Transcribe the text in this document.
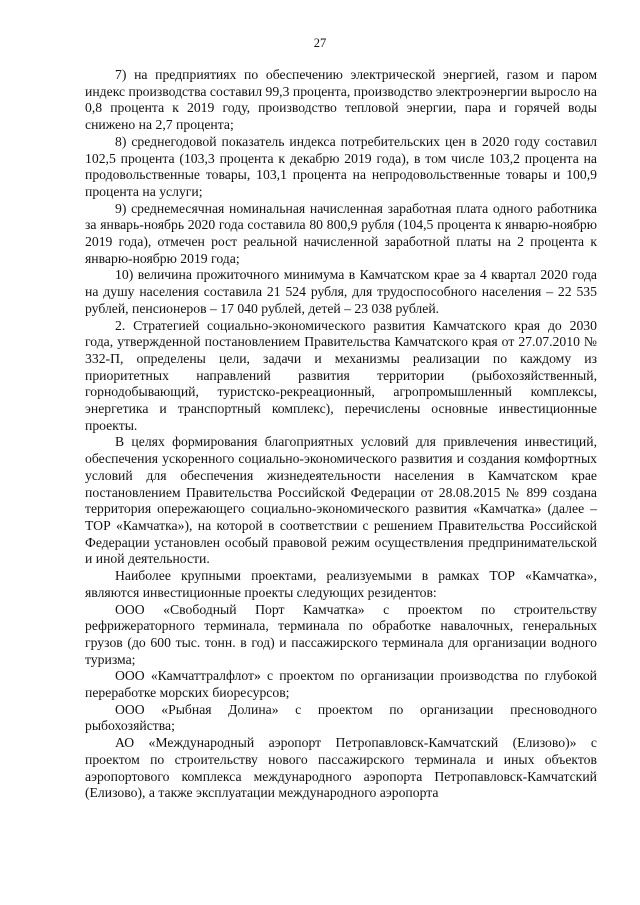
27

7) на предприятиях по обеспечению электрической энергией, газом и паром индекс производства составил 99,3 процента, производство электроэнергии выросло на 0,8 процента к 2019 году, производство тепловой энергии, пара и горячей воды снижено на 2,7 процента;

8) среднегодовой показатель индекса потребительских цен в 2020 году составил 102,5 процента (103,3 процента к декабрю 2019 года), в том числе 103,2 процента на продовольственные товары, 103,1 процента на непродовольственные товары и 100,9 процента на услуги;

9) среднемесячная номинальная начисленная заработная плата одного работника за январь-ноябрь 2020 года составила 80 800,9 рубля (104,5 процента к январю-ноябрю 2019 года), отмечен рост реальной начисленной заработной платы на 2 процента к январю-ноябрю 2019 года;

10) величина прожиточного минимума в Камчатском крае за 4 квартал 2020 года на душу населения составила 21 524 рубля, для трудоспособного населения – 22 535 рублей, пенсионеров – 17 040 рублей, детей – 23 038 рублей.

2. Стратегией социально-экономического развития Камчатского края до 2030 года, утвержденной постановлением Правительства Камчатского края от 27.07.2010 № 332-П, определены цели, задачи и механизмы реализации по каждому из приоритетных направлений развития территории (рыбохозяйственный, горнодобывающий, туристско-рекреационный, агропромышленный комплексы, энергетика и транспортный комплекс), перечислены основные инвестиционные проекты.

В целях формирования благоприятных условий для привлечения инвестиций, обеспечения ускоренного социально-экономического развития и создания комфортных условий для обеспечения жизнедеятельности населения в Камчатском крае постановлением Правительства Российской Федерации от 28.08.2015 № 899 создана территория опережающего социально-экономического развития «Камчатка» (далее – ТОР «Камчатка»), на которой в соответствии с решением Правительства Российской Федерации установлен особый правовой режим осуществления предпринимательской и иной деятельности.

Наиболее крупными проектами, реализуемыми в рамках ТОР «Камчатка», являются инвестиционные проекты следующих резидентов:

ООО «Свободный Порт Камчатка» с проектом по строительству рефрижераторного терминала, терминала по обработке навалочных, генеральных грузов (до 600 тыс. тонн. в год) и пассажирского терминала для организации водного туризма;

ООО «Камчаттралфлот» с проектом по организации производства по глубокой переработке морских биоресурсов;

ООО «Рыбная Долина» с проектом по организации пресноводного рыбохозяйства;

АО «Международный аэропорт Петропавловск-Камчатский (Елизово)» с проектом по строительству нового пассажирского терминала и иных объектов аэропортового комплекса международного аэропорта Петропавловск-Камчатский (Елизово), а также эксплуатации международного аэропорта
